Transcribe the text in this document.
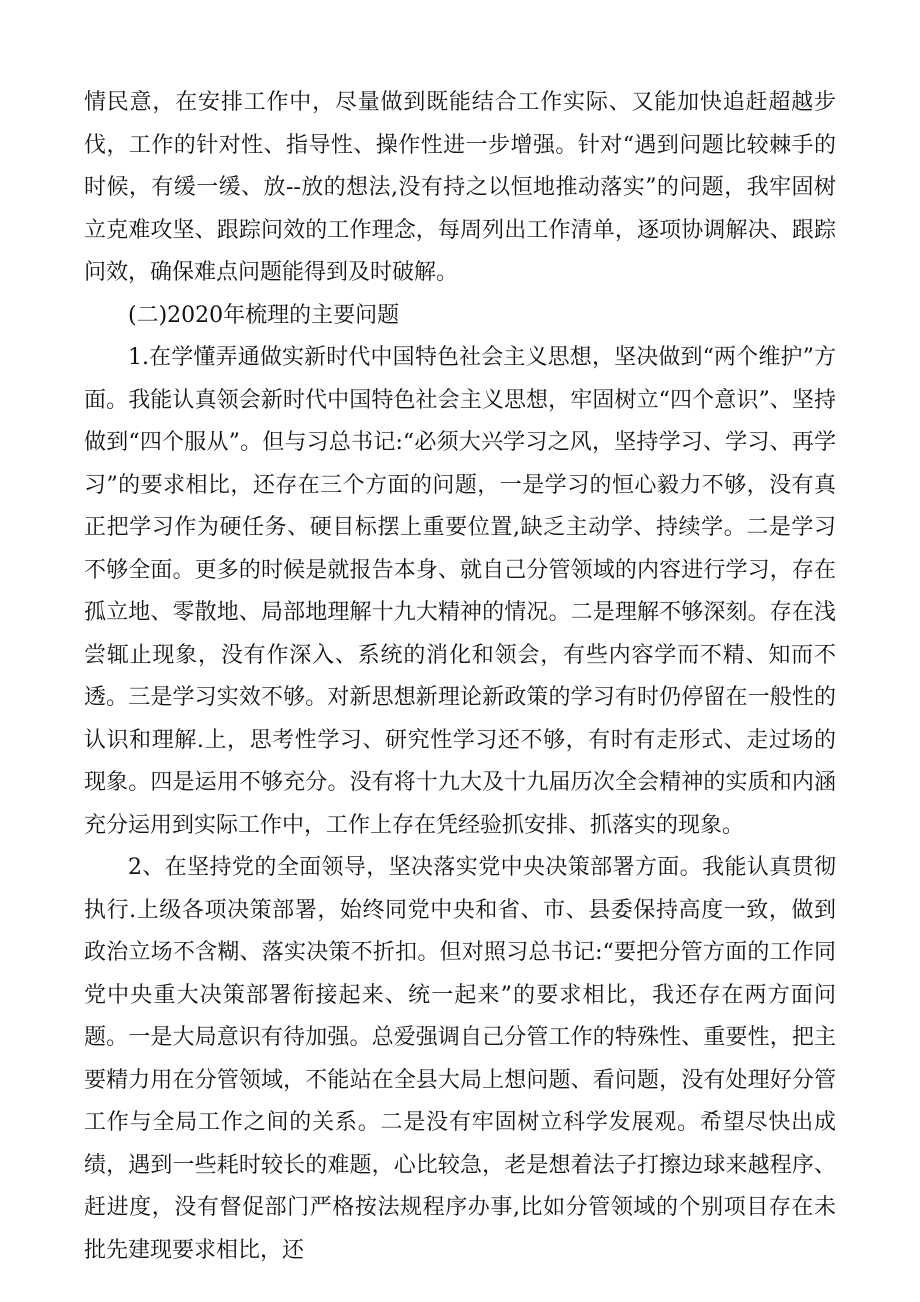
情民意，在安排工作中，尽量做到既能结合工作实际、又能加快追赶超越步伐，工作的针对性、指导性、操作性进一步增强。针对“遇到问题比较棘手的时候，有缓一缓、放--放的想法,没有持之以恒地推动落实”的问题，我牢固树立克难攻坚、跟踪问效的工作理念，每周列出工作清单，逐项协调解决、跟踪问效，确保难点问题能得到及时破解。

(二)2020年梳理的主要问题

1.在学懂弄通做实新时代中国特色社会主义思想，坚决做到“两个维护”方面。我能认真领会新时代中国特色社会主义思想，牢固树立“四个意识”、坚持做到“四个服从”。但与习总书记:“必须大兴学习之风，坚持学习、学习、再学习”的要求相比，还存在三个方面的问题，一是学习的恒心毅力不够，没有真正把学习作为硬任务、硬目标摆上重要位置,缺乏主动学、持续学。二是学习不够全面。更多的时候是就报告本身、就自己分管领域的内容进行学习，存在孤立地、零散地、局部地理解十九大精神的情况。二是理解不够深刻。存在浅尝辄止现象，没有作深入、系统的消化和领会，有些内容学而不精、知而不透。三是学习实效不够。对新思想新理论新政策的学习有时仍停留在一般性的认识和理解.上，思考性学习、研究性学习还不够，有时有走形式、走过场的现象。四是运用不够充分。没有将十九大及十九届历次全会精神的实质和内涵充分运用到实际工作中，工作上存在凭经验抓安排、抓落实的现象。

2、在坚持党的全面领导，坚决落实党中央决策部署方面。我能认真贯彻执行.上级各项决策部署，始终同党中央和省、市、县委保持高度一致，做到政治立场不含糊、落实决策不折扣。但对照习总书记:“要把分管方面的工作同党中央重大决策部署衔接起来、统一起来”的要求相比，我还存在两方面问题。一是大局意识有待加强。总爱强调自己分管工作的特殊性、重要性，把主要精力用在分管领域，不能站在全县大局上想问题、看问题，没有处理好分管工作与全局工作之间的关系。二是没有牢固树立科学发展观。希望尽快出成绩，遇到一些耗时较长的难题，心比较急，老是想着法子打擦边球来越程序、赶进度，没有督促部门严格按法规程序办事,比如分管领域的个别项目存在未批先建现要求相比，还
